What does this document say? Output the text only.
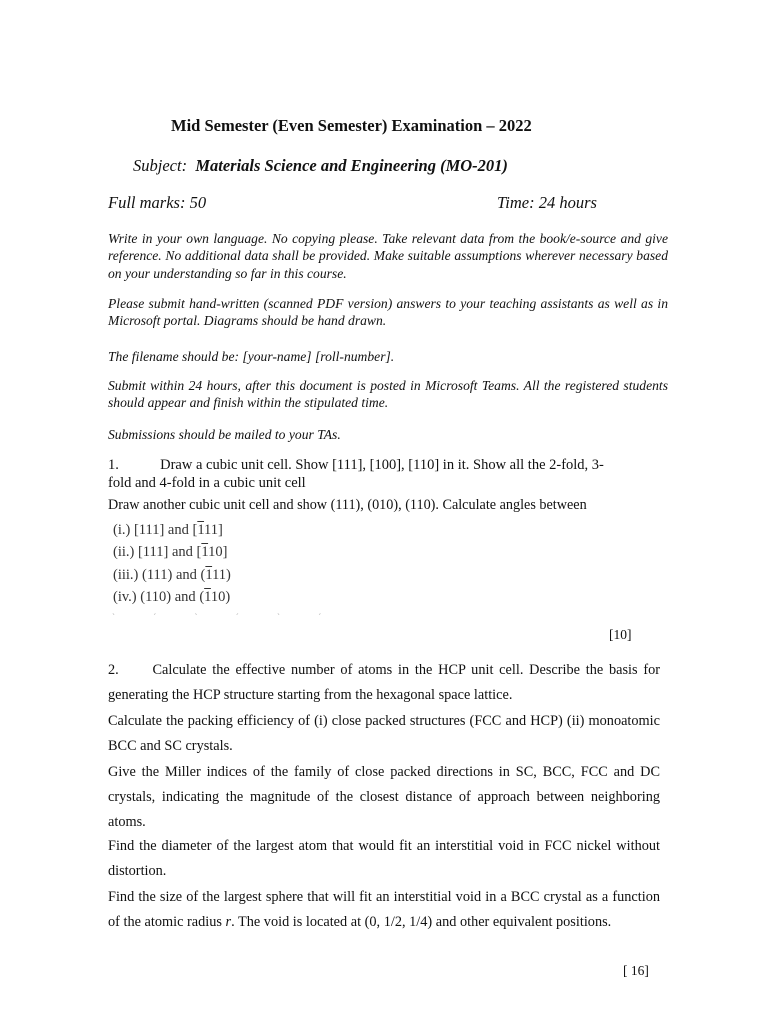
Mid Semester (Even Semester) Examination – 2022
Subject: Materials Science and Engineering (MO-201)
Full marks: 50	Time: 24 hours
Write in your own language. No copying please. Take relevant data from the book/e-source and give reference. No additional data shall be provided. Make suitable assumptions wherever necessary based on your understanding so far in this course.
Please submit hand-written (scanned PDF version) answers to your teaching assistants as well as in Microsoft portal. Diagrams should be hand drawn.
The filename should be: [your-name] [roll-number].
Submit within 24 hours, after this document is posted in Microsoft Teams. All the registered students should appear and finish within the stipulated time.
Submissions should be mailed to your TAs.
1.	Draw a cubic unit cell. Show [111], [100], [110] in it. Show all the 2-fold, 3-
fold and 4-fold in a cubic unit cell
Draw another cubic unit cell and show (111), (010), (110). Calculate angles between
(i.) [111] and [111]
(ii.) [111] and [110]
(iii.) (111) and (111)
(iv.) (110) and (110)
` ´ ` ´ ` ´
[10]
2. Calculate the effective number of atoms in the HCP unit cell. Describe the basis for generating the HCP structure starting from the hexagonal space lattice.
Calculate the packing efficiency of (i) close packed structures (FCC and HCP) (ii) monoatomic BCC and SC crystals.
Give the Miller indices of the family of close packed directions in SC, BCC, FCC and DC crystals, indicating the magnitude of the closest distance of approach between neighboring atoms.
Find the diameter of the largest atom that would fit an interstitial void in FCC nickel without distortion.
Find the size of the largest sphere that will fit an interstitial void in a BCC crystal as a function of the atomic radius r. The void is located at (0, 1/2, 1/4) and other equivalent positions.
[ 16]
